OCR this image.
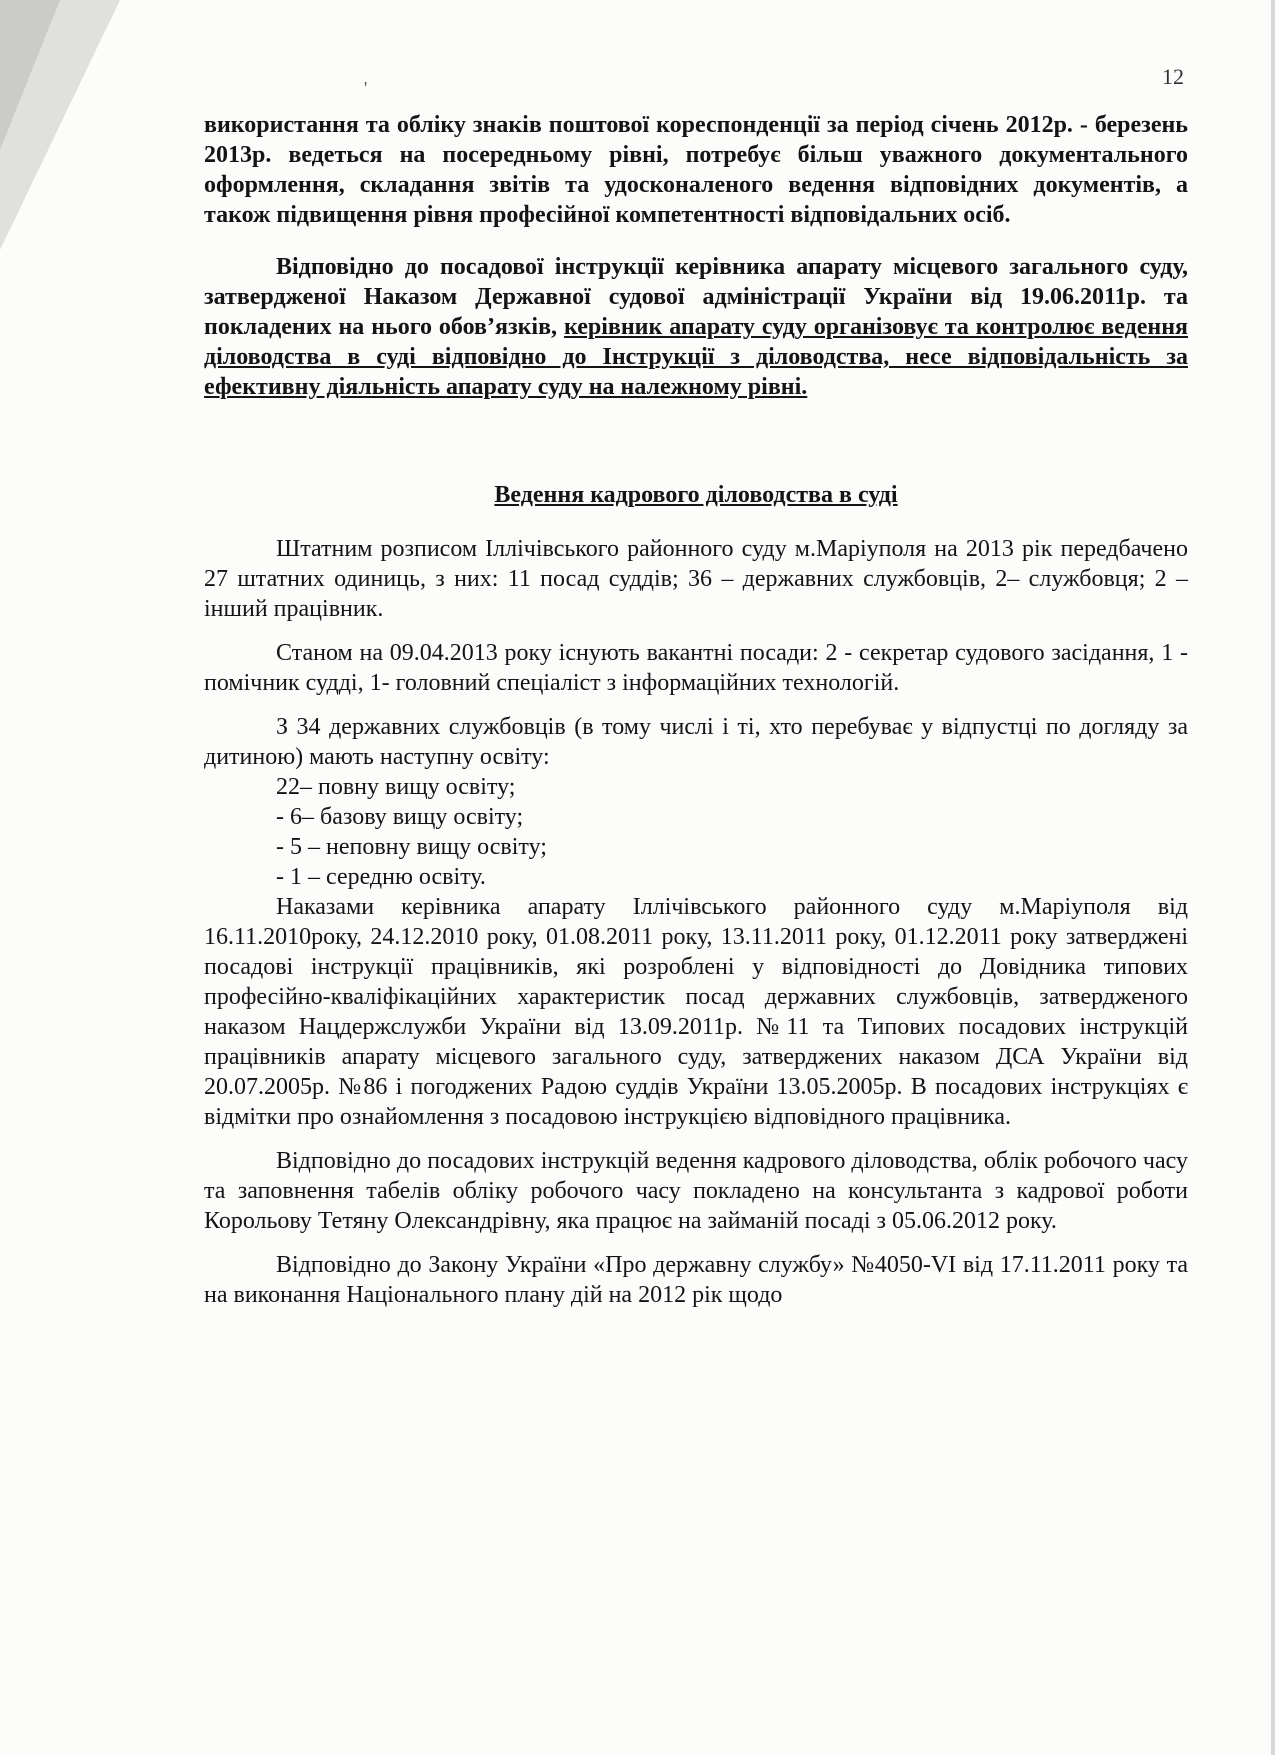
12
'

використання та обліку знаків поштової кореспонденції за період січень 2012р. - березень 2013р. ведеться на посередньому рівні, потребує більш уважного документального оформлення, складання звітів та удосконаленого ведення відповідних документів, а також підвищення рівня професійної компетентності відповідальних осіб.

Відповідно до посадової інструкції керівника апарату місцевого загального суду, затвердженої Наказом Державної судової адміністрації України від 19.06.2011р. та покладених на нього обов’язків, керівник апарату суду організовує та контролює ведення діловодства в суді відповідно до Інструкції з діловодства, несе відповідальність за ефективну діяльність апарату суду на належному рівні.

Ведення кадрового діловодства в суді

Штатним розписом Іллічівського районного суду м.Маріуполя на 2013 рік передбачено 27 штатних одиниць, з них: 11 посад суддів; 36 – державних службовців, 2– службовця; 2 – інший працівник.

Станом на 09.04.2013 року існують вакантні посади: 2 - секретар судового засідання, 1 - помічник судді, 1- головний спеціаліст з інформаційних технологій.

З 34 державних службовців (в тому числі і ті, хто перебуває у відпустці по догляду за дитиною) мають наступну освіту:

22– повну вищу освіту;

- 6– базову вищу освіту;

- 5 – неповну вищу освіту;

- 1 – середню освіту.

Наказами керівника апарату Іллічівського районного суду м.Маріуполя від 16.11.2010року, 24.12.2010 року, 01.08.2011 року, 13.11.2011 року, 01.12.2011 року затверджені посадові інструкції працівників, які розроблені у відповідності до Довідника типових професійно-кваліфікаційних характеристик посад державних службовців, затвердженого наказом Нацдержслужби України від 13.09.2011р. №11 та Типових посадових інструкцій працівників апарату місцевого загального суду, затверджених наказом ДСА України від 20.07.2005р. №86 і погоджених Радою суддів України 13.05.2005р. В посадових інструкціях є відмітки про ознайомлення з посадовою інструкцією відповідного працівника.

Відповідно до посадових інструкцій ведення кадрового діловодства, облік робочого часу та заповнення табелів обліку робочого часу покладено на консультанта з кадрової роботи Корольову Тетяну Олександрівну, яка працює на займаній посаді з 05.06.2012 року.

Відповідно до Закону України «Про державну службу» №4050-VI від 17.11.2011 року та на виконання Національного плану дій на 2012 рік щодо
